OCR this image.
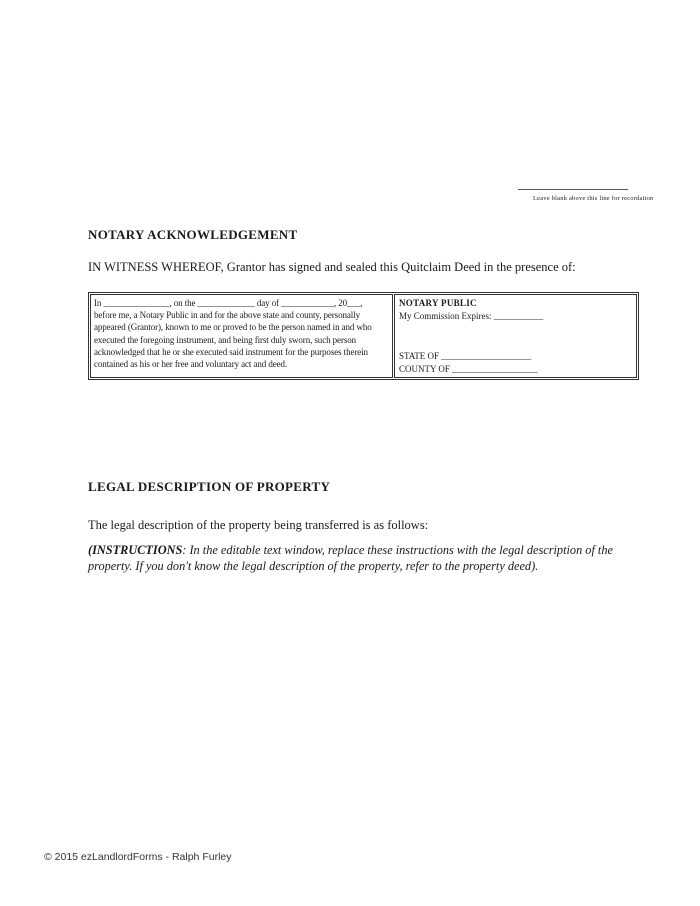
Leave blank above this line for recordation
NOTARY ACKNOWLEDGEMENT
IN WITNESS WHEREOF, Grantor has signed and sealed this Quitclaim Deed in the presence of:
In _______________, on the _____________ day of ____________, 20___,
before me, a Notary Public in and for the above state and county, personally
appeared (Grantor), known to me or proved to be the person named in and who
executed the foregoing instrument, and being first duly sworn, such person
acknowledged that he or she executed said instrument for the purposes therein
contained as his or her free and voluntary act and deed.
NOTARY PUBLIC
My Commission Expires: ___________
STATE OF ____________________
COUNTY OF ___________________
LEGAL DESCRIPTION OF PROPERTY
The legal description of the property being transferred is as follows:
(INSTRUCTIONS: In the editable text window, replace these instructions with the legal description of the property. If you don't know the legal description of the property, refer to the property deed).
© 2015 ezLandlordForms - Ralph Furley
